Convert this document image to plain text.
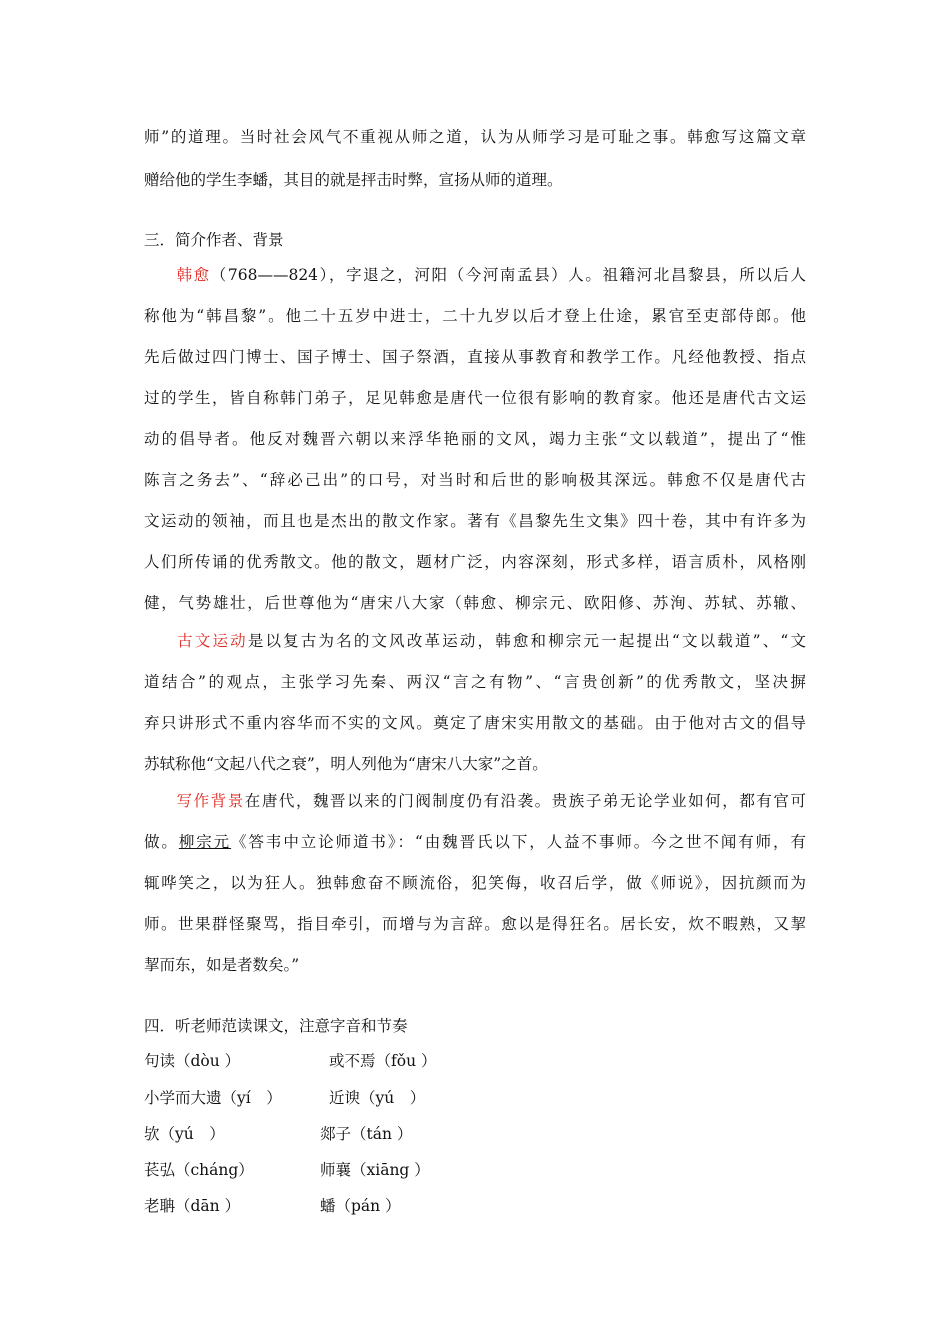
师”的道理。当时社会风气不重视从师之道，认为从师学习是可耻之事。韩愈写这篇文章
赠给他的学生李蟠，其目的就是抨击时弊，宣扬从师的道理。
三．简介作者、背景
韩愈（768——824），字退之，河阳（今河南孟县）人。祖籍河北昌黎县，所以后人
称他为“韩昌黎”。他二十五岁中进士，二十九岁以后才登上仕途，累官至吏部侍郎。他
先后做过四门博士、国子博士、国子祭酒，直接从事教育和教学工作。凡经他教授、指点
过的学生，皆自称韩门弟子，足见韩愈是唐代一位很有影响的教育家。他还是唐代古文运
动的倡导者。他反对魏晋六朝以来浮华艳丽的文风，竭力主张“文以载道”，提出了“惟
陈言之务去”、“辞必己出”的口号，对当时和后世的影响极其深远。韩愈不仅是唐代古
文运动的领袖，而且也是杰出的散文作家。著有《昌黎先生文集》四十卷，其中有许多为
人们所传诵的优秀散文。他的散文，题材广泛，内容深刻，形式多样，语言质朴，风格刚
健，气势雄壮，后世尊他为“唐宋八大家（韩愈、柳宗元、欧阳修、苏洵、苏轼、苏辙、
古文运动是以复古为名的文风改革运动，韩愈和柳宗元一起提出“文以载道”、“文
道结合”的观点，主张学习先秦、两汉“言之有物”、“言贵创新”的优秀散文，坚决摒
弃只讲形式不重内容华而不实的文风。奠定了唐宋实用散文的基础。由于他对古文的倡导
苏轼称他“文起八代之衰”，明人列他为“唐宋八大家”之首。
写作背景在唐代，魏晋以来的门阀制度仍有沿袭。贵族子弟无论学业如何，都有官可
做。柳宗元《答韦中立论师道书》：“由魏晋氏以下，人益不事师。今之世不闻有师，有
辄哗笑之，以为狂人。独韩愈奋不顾流俗，犯笑侮，收召后学，做《师说》，因抗颜而为
师。世果群怪聚骂，指目牵引，而增与为言辞。愈以是得狂名。居长安，炊不暇熟，又挈
挈而东，如是者数矣。”
四．听老师范读课文，注意字音和节奏
句读（dòu ）	或不焉（fǒu ）
小学而大遗（yí　）	近谀（yú　）
欤（yú　）	郯子（tán ）
苌弘（cháng）	师襄（xiāng ）
老聃（dān ）	蟠（pán ）
